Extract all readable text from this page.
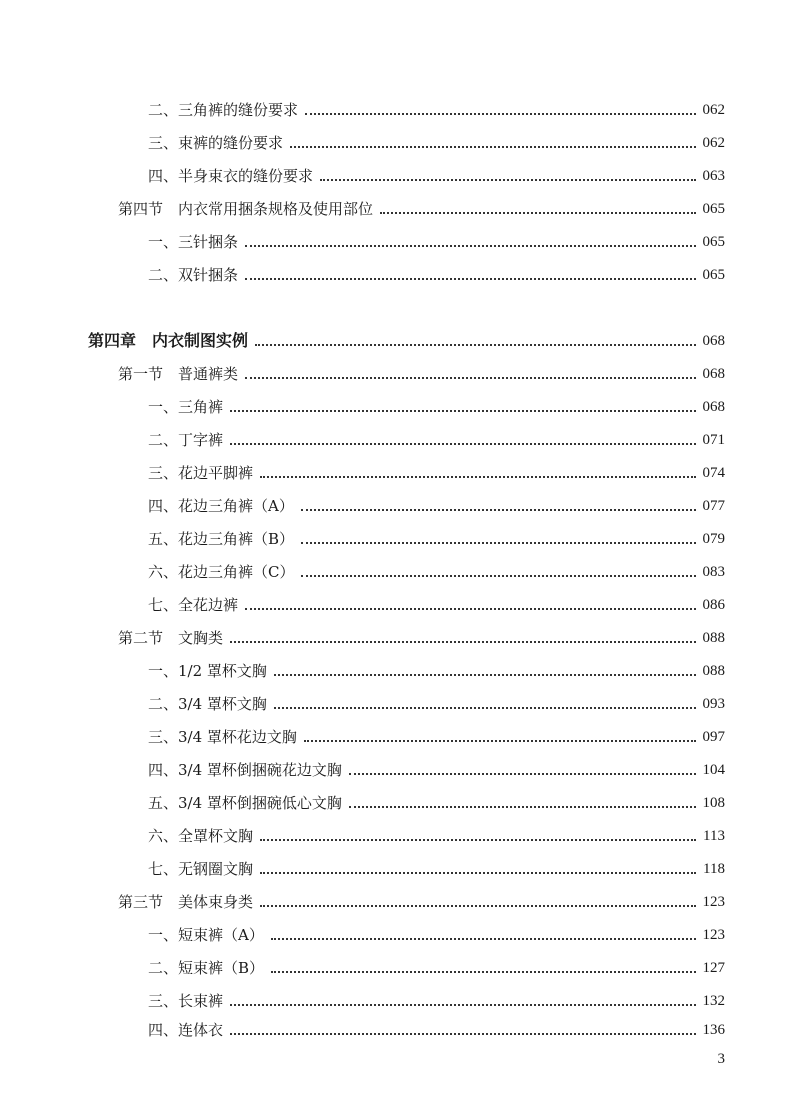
二、三角裤的缝份要求	062
三、束裤的缝份要求	062
四、半身束衣的缝份要求	063
第四节　内衣常用捆条规格及使用部位	065
一、三针捆条	065
二、双针捆条	065
第四章　内衣制图实例	068
第一节　普通裤类	068
一、三角裤	068
二、丁字裤	071
三、花边平脚裤	074
四、花边三角裤（A）	077
五、花边三角裤（B）	079
六、花边三角裤（C）	083
七、全花边裤	086
第二节　文胸类	088
一、1/2 罩杯文胸	088
二、3/4 罩杯文胸	093
三、3/4 罩杯花边文胸	097
四、3/4 罩杯倒捆碗花边文胸	104
五、3/4 罩杯倒捆碗低心文胸	108
六、全罩杯文胸	113
七、无钢圈文胸	118
第三节　美体束身类	123
一、短束裤（A）	123
二、短束裤（B）	127
三、长束裤	132
四、连体衣	136
3
